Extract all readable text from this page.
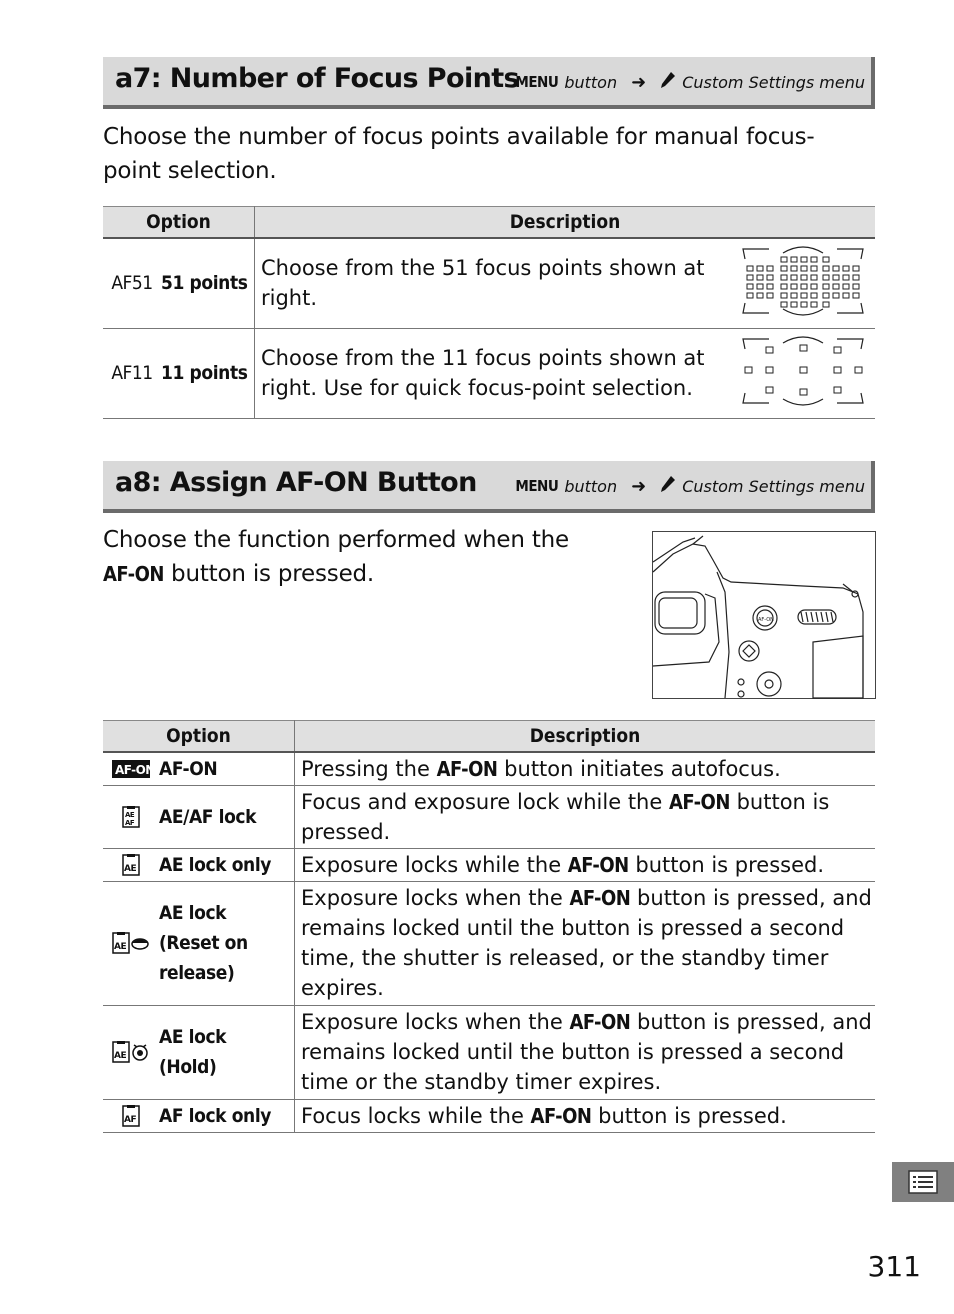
a7: Number of Focus Points
MENU button ➜ Custom Settings menu
Choose the number of focus points available for manual focus-point selection.
Option	Description

AF51 51 points	Choose from the 51 focus points shown at right.

AF11 11 points	Choose from the 11 focus points shown at right. Use for quick focus-point selection.
a8: Assign AF-ON Button	MENU button ➜ Custom Settings menu
Choose the function performed when the
AF-ON button is pressed.
AF-ON
Option	Description

AF-ON AF-ON	Pressing the AF-ON button initiates autofocus.

AE
AF AE/AF lock	Focus and exposure lock while the AF-ON button is pressed.

AE AE lock only	Exposure locks while the AF-ON button is pressed.

AE
AE lock (Reset on release)	Exposure locks when the AF-ON button is pressed, and remains locked until the button is pressed a second time, the shutter is released, or the standby timer expires.

AE
AE lock (Hold)	Exposure locks when the AF-ON button is pressed, and remains locked until the button is pressed a second time or the standby timer expires.

AF AF lock only	Focus locks while the AF-ON button is pressed.
311
